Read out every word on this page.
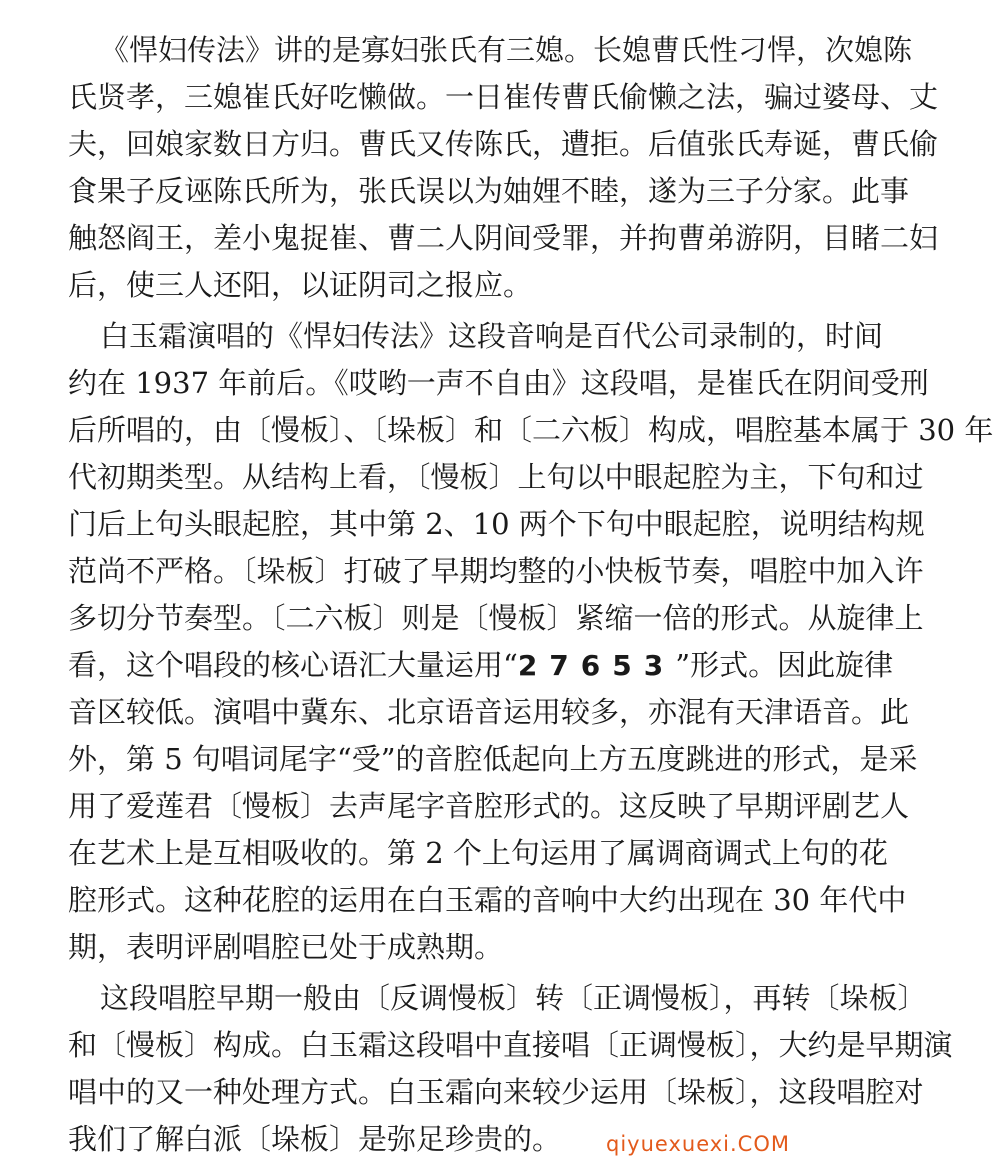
《悍妇传法》讲的是寡妇张氏有三媳。长媳曹氏性刁悍，次媳陈
氏贤孝，三媳崔氏好吃懒做。一日崔传曹氏偷懒之法，骗过婆母、丈
夫，回娘家数日方归。曹氏又传陈氏，遭拒。后值张氏寿诞，曹氏偷
食果子反诬陈氏所为，张氏误以为妯娌不睦，遂为三子分家。此事
触怒阎王，差小鬼捉崔、曹二人阴间受罪，并拘曹弟游阴，目睹二妇
后，使三人还阳，以证阴司之报应。
白玉霜演唱的《悍妇传法》这段音响是百代公司录制的，时间
约在 1937 年前后。《哎哟一声不自由》这段唱，是崔氏在阴间受刑
后所唱的，由〔慢板〕、〔垛板〕和〔二六板〕构成，唱腔基本属于 30 年
代初期类型。从结构上看，〔慢板〕上句以中眼起腔为主，下句和过
门后上句头眼起腔，其中第 2、10 两个下句中眼起腔，说明结构规
范尚不严格。〔垛板〕打破了早期均整的小快板节奏，唱腔中加入许
多切分节奏型。〔二六板〕则是〔慢板〕紧缩一倍的形式。从旋律上
看，这个唱段的核心语汇大量运用“27653”形式。因此旋律
音区较低。演唱中冀东、北京语音运用较多，亦混有天津语音。此
外，第 5 句唱词尾字“受”的音腔低起向上方五度跳进的形式，是采
用了爱莲君〔慢板〕去声尾字音腔形式的。这反映了早期评剧艺人
在艺术上是互相吸收的。第 2 个上句运用了属调商调式上句的花
腔形式。这种花腔的运用在白玉霜的音响中大约出现在 30 年代中
期，表明评剧唱腔已处于成熟期。
这段唱腔早期一般由〔反调慢板〕转〔正调慢板〕，再转〔垛板〕
和〔慢板〕构成。白玉霜这段唱中直接唱〔正调慢板〕，大约是早期演
唱中的又一种处理方式。白玉霜向来较少运用〔垛板〕，这段唱腔对
我们了解白派〔垛板〕是弥足珍贵的。	qiyuexuexi.COM
